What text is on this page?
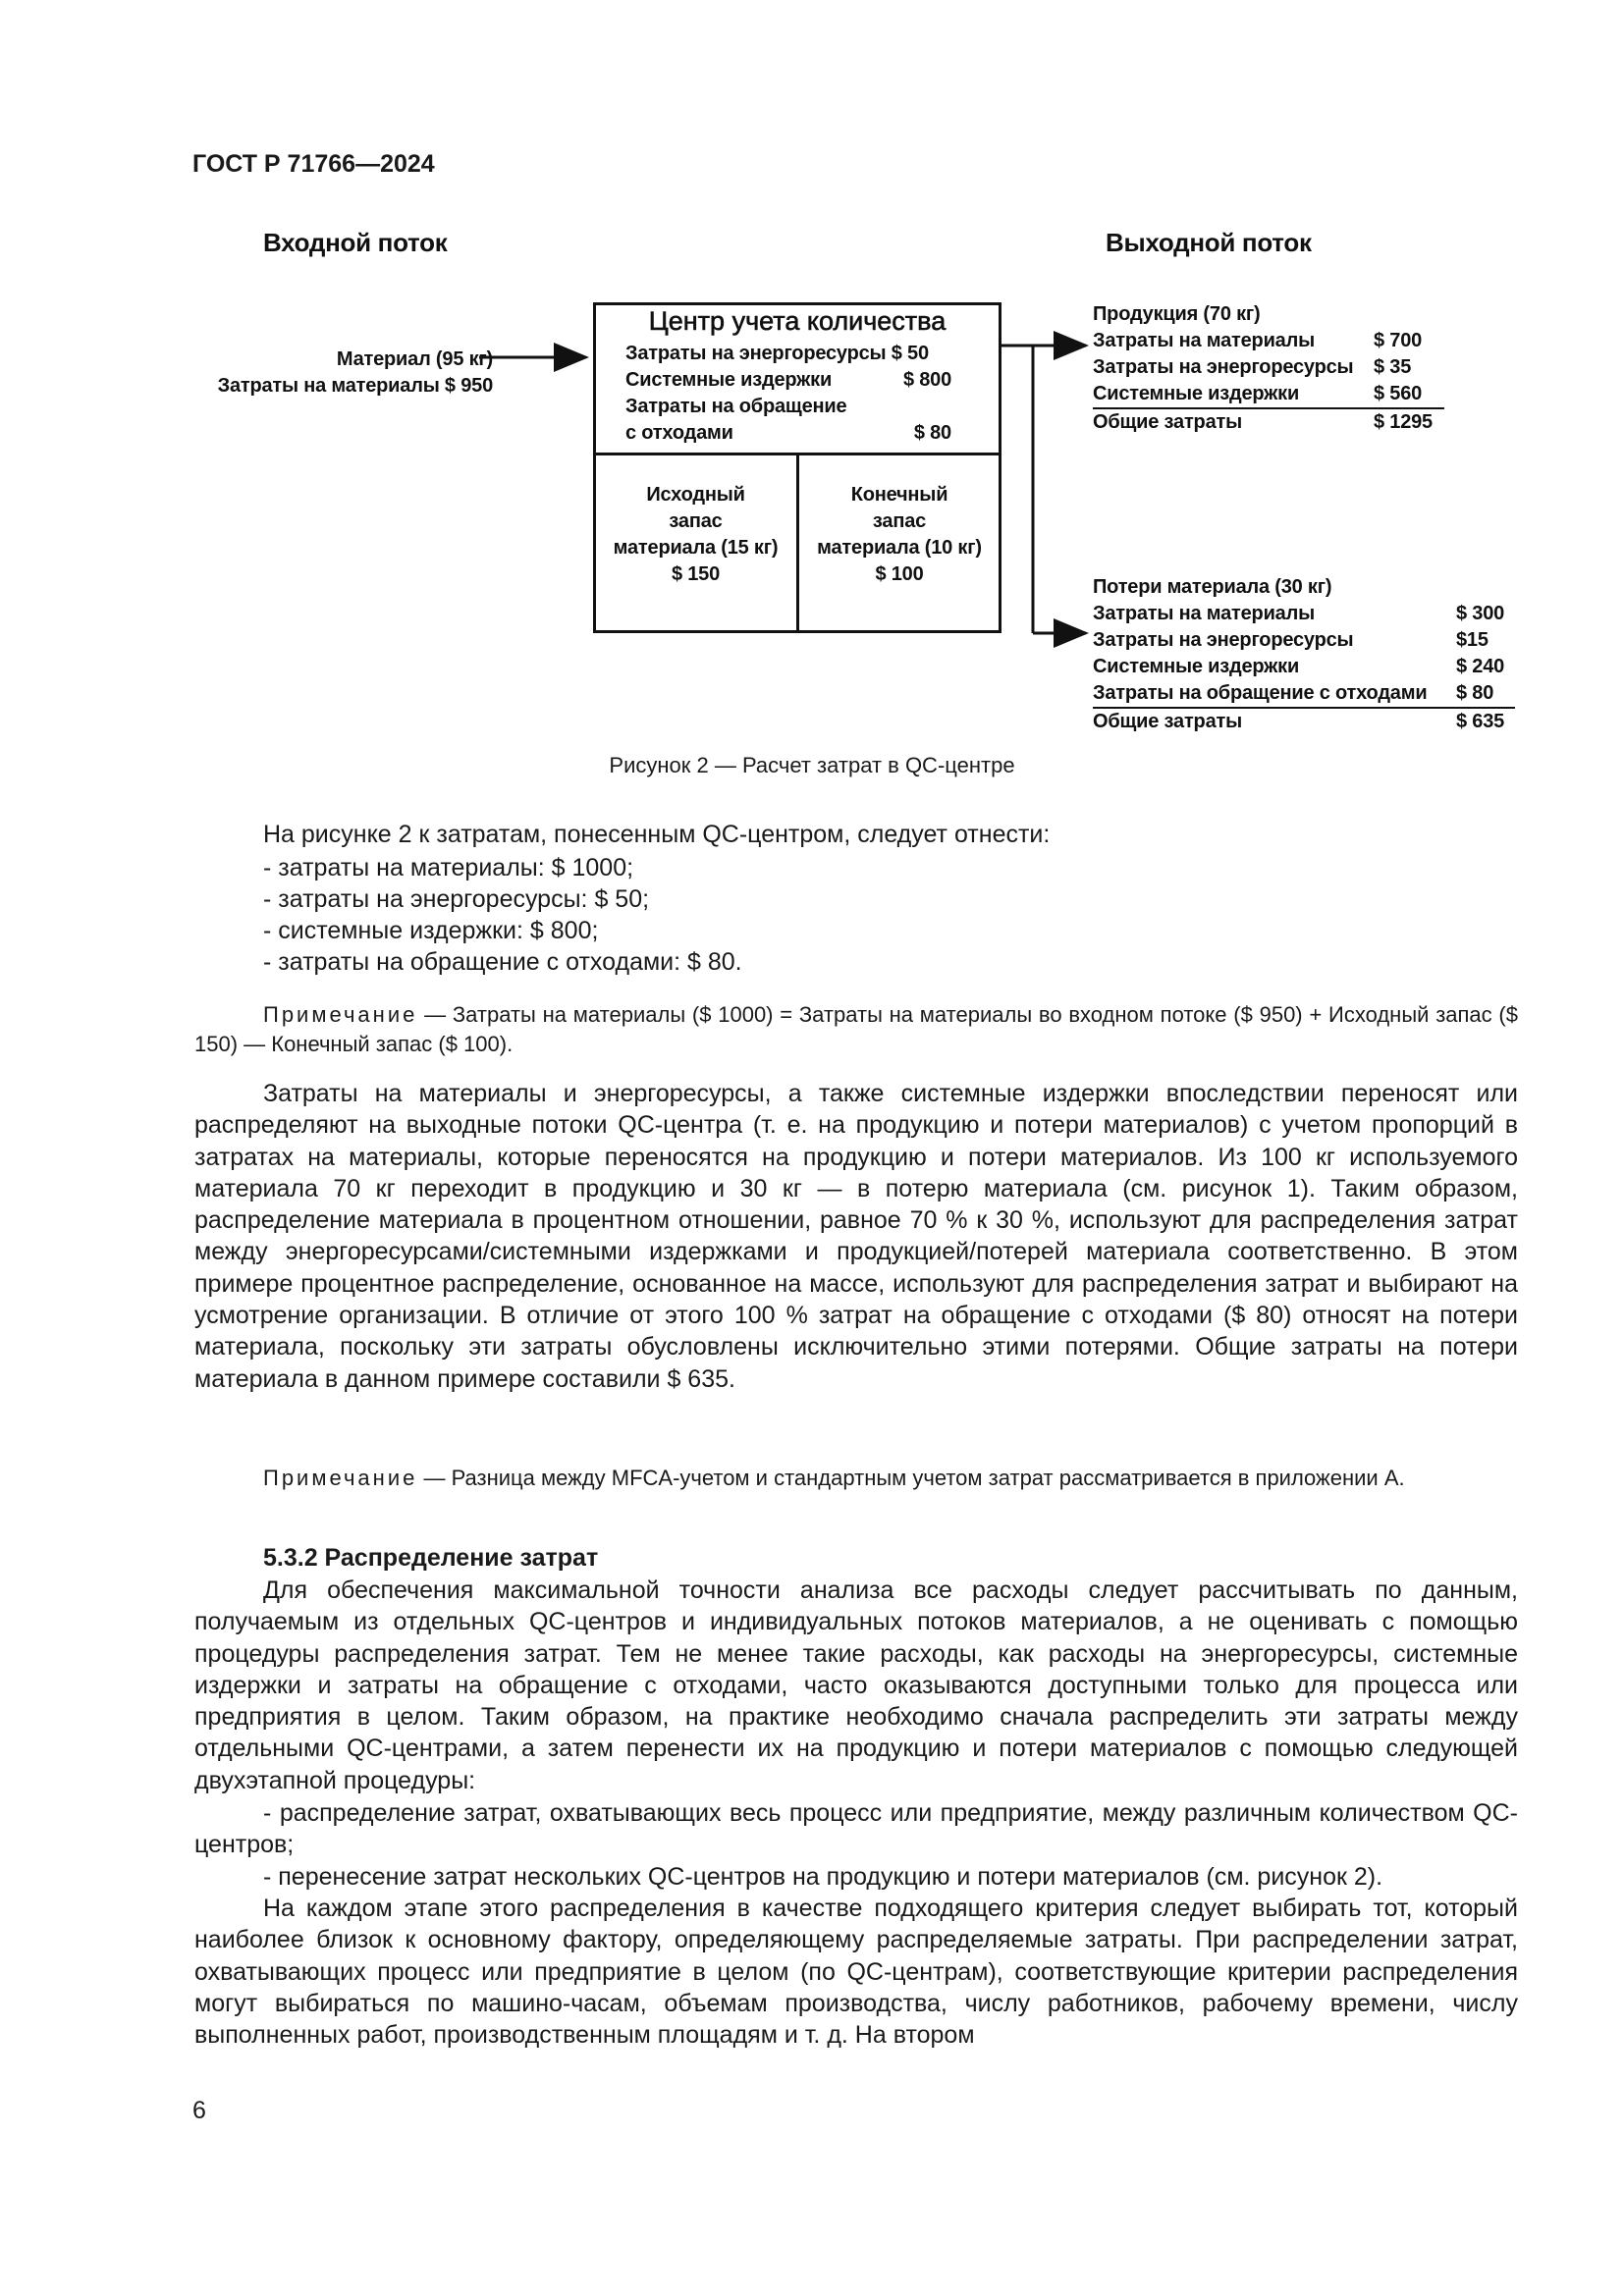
ГОСТ Р 71766—2024
Входной поток	Выходной поток
Материал (95 кг)
Затраты на материалы $ 950
Центр учета количества
Затраты на энергоресурсы $ 50
Системные издержки	$ 800
Затраты на обращение
с отходами	$ 80
Исходный
запас
материала (15 кг)
$ 150
Конечный
запас
материала (10 кг)
$ 100
Продукция (70 кг)
Затраты на материалы	$ 700
Затраты на энергоресурсы $ 35
Системные издержки	$ 560
Общие затраты	$ 1295
Потери материала (30 кг)
Затраты на материалы	$ 300
Затраты на энергоресурсы	$15
Системные издержки	$ 240
Затраты на обращение с отходами $ 80
Общие затраты	$ 635
Рисунок 2 — Расчет затрат в QC-центре
На рисунке 2 к затратам, понесенным QC-центром, следует отнести:
- затраты на материалы: $ 1000;
- затраты на энергоресурсы: $ 50;
- системные издержки: $ 800;
- затраты на обращение с отходами: $ 80.
Примечание — Затраты на материалы ($ 1000) = Затраты на материалы во входном потоке ($ 950) + Исходный запас ($ 150) — Конечный запас ($ 100).
Затраты на материалы и энергоресурсы, а также системные издержки впоследствии переносят или распределяют на выходные потоки QC-центра (т. е. на продукцию и потери материалов) с учетом пропорций в затратах на материалы, которые переносятся на продукцию и потери материалов. Из 100 кг используемого материала 70 кг переходит в продукцию и 30 кг — в потерю материала (см. рисунок 1). Таким образом, распределение материала в процентном отношении, равное 70 % к 30 %, используют для распределения затрат между энергоресурсами/системными издержками и продукцией/потерей материала соответственно. В этом примере процентное распределение, основанное на массе, используют для распределения затрат и выбирают на усмотрение организации. В отличие от этого 100 % затрат на обращение с отходами ($ 80) относят на потери материала, поскольку эти затраты обусловлены исключительно этими потерями. Общие затраты на потери материала в данном примере составили $ 635.
Примечание — Разница между MFCA-учетом и стандартным учетом затрат рассматривается в приложении А.
5.3.2 Распределение затрат
Для обеспечения максимальной точности анализа все расходы следует рассчитывать по данным, получаемым из отдельных QC-центров и индивидуальных потоков материалов, а не оценивать с помощью процедуры распределения затрат. Тем не менее такие расходы, как расходы на энергоресурсы, системные издержки и затраты на обращение с отходами, часто оказываются доступными только для процесса или предприятия в целом. Таким образом, на практике необходимо сначала распределить эти затраты между отдельными QC-центрами, а затем перенести их на продукцию и потери материалов с помощью следующей двухэтапной процедуры:
- распределение затрат, охватывающих весь процесс или предприятие, между различным количеством QC-центров;
- перенесение затрат нескольких QC-центров на продукцию и потери материалов (см. рисунок 2).
На каждом этапе этого распределения в качестве подходящего критерия следует выбирать тот, который наиболее близок к основному фактору, определяющему распределяемые затраты. При распределении затрат, охватывающих процесс или предприятие в целом (по QC-центрам), соответствующие критерии распределения могут выбираться по машино-часам, объемам производства, числу работников, рабочему времени, числу выполненных работ, производственным площадям и т. д. На втором
6
